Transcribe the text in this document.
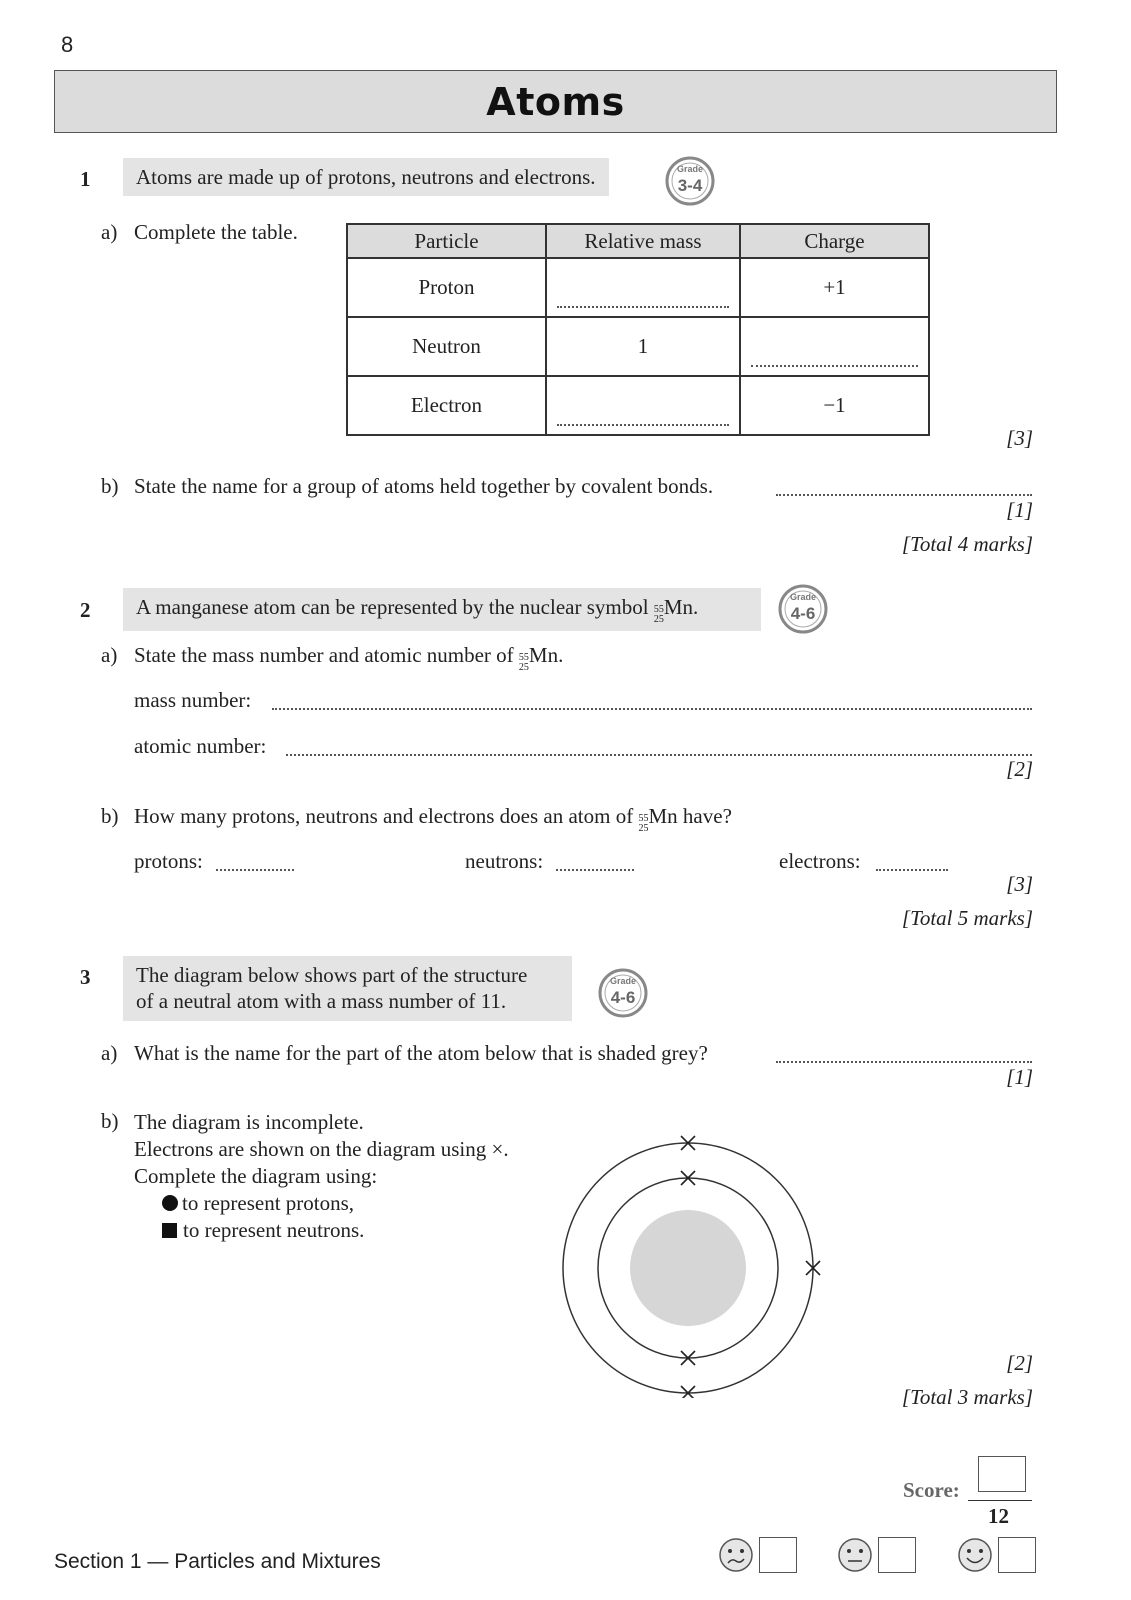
8
Atoms
1	Atoms are made up of protons, neutrons and electrons.	Grade
3-4
a) Complete the table.	Particle	Relative mass	Charge
Proton		+1
Neutron	1	

Electron		−1
[3]
b) State the name for a group of atoms held together by covalent bonds.
[1]
[Total 4 marks]
2	A manganese atom can be represented by the nuclear symbol $^{55 25}$
Mn.	Grade
4-6
a) State the mass number and atomic number of $^{55 25}$
Mn.
mass number:
atomic number:
[2]
b) How many protons, neutrons and electrons does an atom of $^{55 25}$
Mn have?
protons:	neutrons:	electrons:
[3]
[Total 5 marks]
3 The diagram below shows part of the structure
of a neutral atom with a mass number of 11.
Grade
4-6
a) What is the name for the part of the atom below that is shaded grey?
[1]
b) The diagram is incomplete.
Electrons are shown on the diagram using ×.
Complete the diagram using:
to represent protons,
to represent neutrons.
[2]
[Total 3 marks]
Score:
12
Section 1 — Particles and Mixtures
